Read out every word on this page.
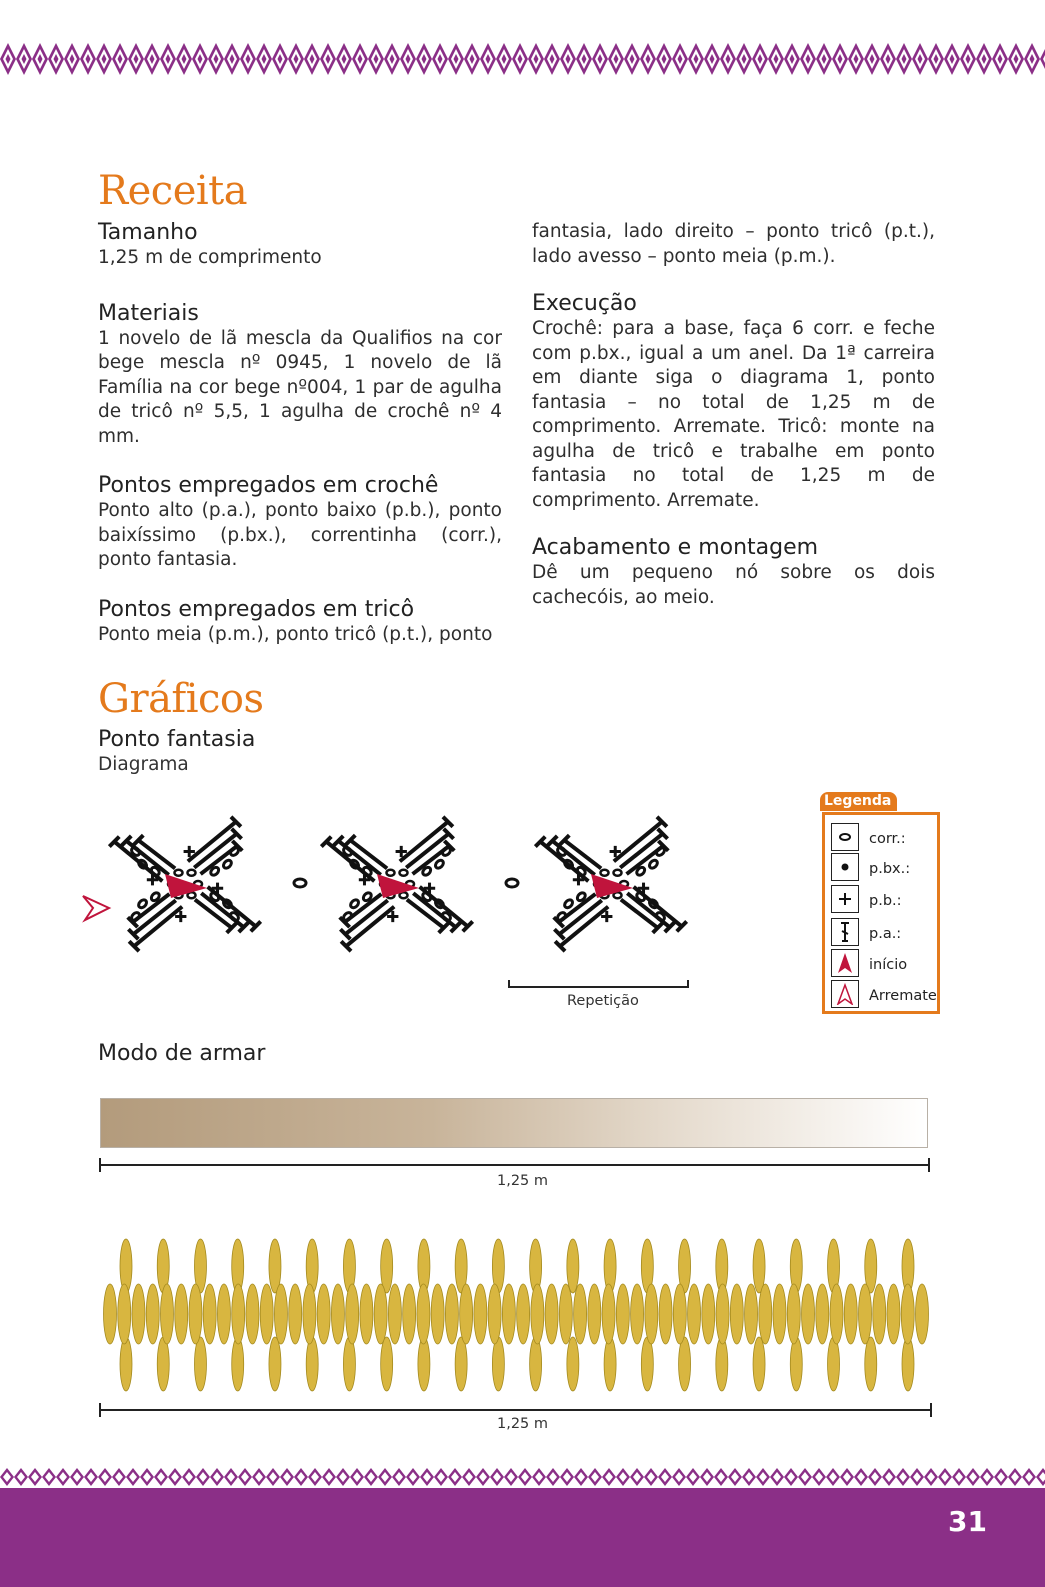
Receita

Tamanho

1,25 m de comprimento

Materiais

1 novelo de lã mescla da Qualifios na cor bege mescla nº 0945, 1 novelo de lã Família na cor bege nº004, 1 par de agulha de tricô nº 5,5, 1 agulha de crochê nº 4 mm.

Pontos empregados em crochê

Ponto alto (p.a.), ponto baixo (p.b.), ponto baixíssimo (p.bx.), correntinha (corr.), ponto fantasia.

Pontos empregados em tricô

Ponto meia (p.m.), ponto tricô (p.t.), ponto

fantasia, lado direito – ponto tricô (p.t.), lado avesso – ponto meia (p.m.).

Execução

Crochê: para a base, faça 6 corr. e feche com p.bx., igual a um anel. Da 1ª carreira em diante siga o diagrama 1, ponto fantasia – no total de 1,25 m de comprimento. Arremate. Tricô: monte na agulha de tricô e trabalhe em ponto fantasia no total de 1,25 m de comprimento. Arremate.

Acabamento e montagem

Dê um pequeno nó sobre os dois cachecóis, ao meio.

Gráficos
Ponto fantasia
Diagrama
Repetição
Legenda
corr.:
p.bx.:
p.b.:
p.a.:
início
Arremate
Modo de armar
1,25 m
1,25 m
31
